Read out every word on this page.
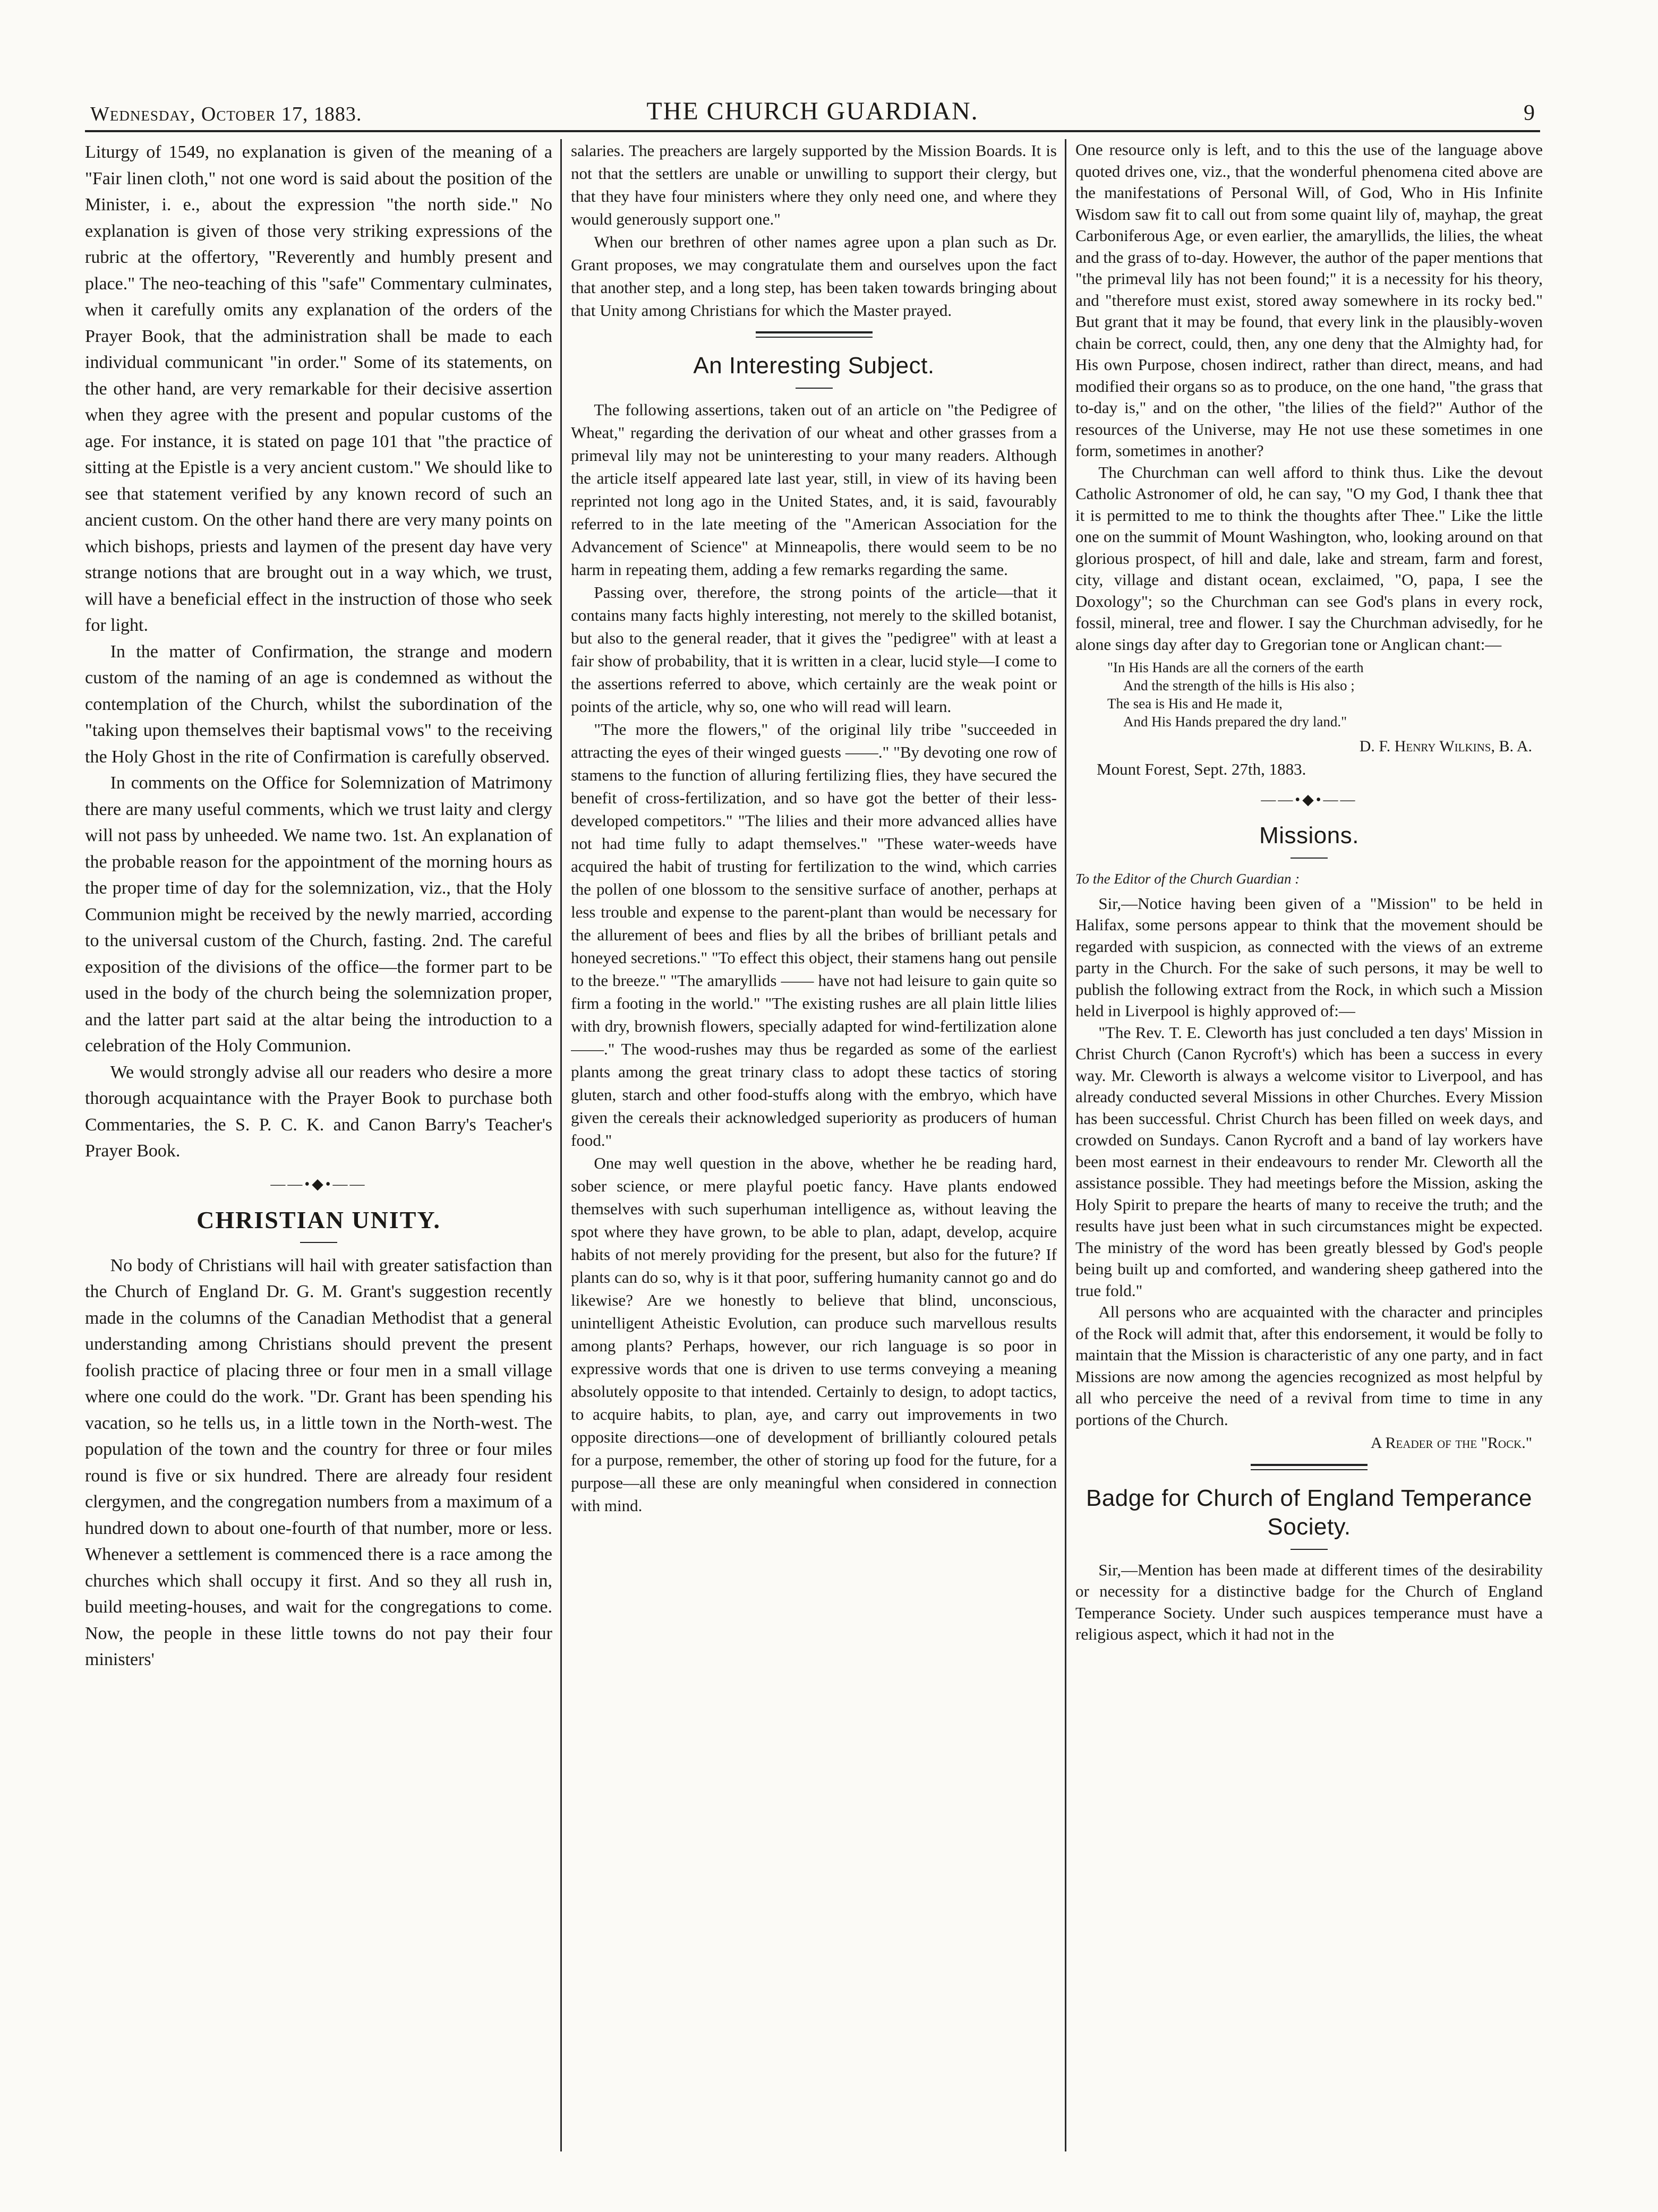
Wednesday, October 17, 1883.	THE CHURCH GUARDIAN.	9

Liturgy of 1549, no explanation is given of the meaning of a "Fair linen cloth," not one word is said about the position of the Minister, i. e., about the expression "the north side." No explanation is given of those very striking expressions of the rubric at the offertory, "Reverently and humbly present and place." The neo-teaching of this "safe" Commentary culminates, when it carefully omits any explanation of the orders of the Prayer Book, that the administration shall be made to each individual communicant "in order." Some of its statements, on the other hand, are very remarkable for their decisive assertion when they agree with the present and popular customs of the age. For instance, it is stated on page 101 that "the practice of sitting at the Epistle is a very ancient custom." We should like to see that statement verified by any known record of such an ancient custom. On the other hand there are very many points on which bishops, priests and laymen of the present day have very strange notions that are brought out in a way which, we trust, will have a beneficial effect in the instruction of those who seek for light.

In the matter of Confirmation, the strange and modern custom of the naming of an age is condemned as without the contemplation of the Church, whilst the subordination of the "taking upon themselves their baptismal vows" to the receiving the Holy Ghost in the rite of Confirmation is carefully observed.

In comments on the Office for Solemnization of Matrimony there are many useful comments, which we trust laity and clergy will not pass by unheeded. We name two. 1st. An explanation of the probable reason for the appointment of the morning hours as the proper time of day for the solemnization, viz., that the Holy Communion might be received by the newly married, according to the universal custom of the Church, fasting. 2nd. The careful exposition of the divisions of the office—the former part to be used in the body of the church being the solemnization proper, and the latter part said at the altar being the introduction to a celebration of the Holy Communion.

We would strongly advise all our readers who desire a more thorough acquaintance with the Prayer Book to purchase both Commentaries, the S. P. C. K. and Canon Barry's Teacher's Prayer Book.

——•◆•——
CHRISTIAN UNITY.

No body of Christians will hail with greater satisfaction than the Church of England Dr. G. M. Grant's suggestion recently made in the columns of the Canadian Methodist that a general understanding among Christians should prevent the present foolish practice of placing three or four men in a small village where one could do the work. "Dr. Grant has been spending his vacation, so he tells us, in a little town in the North-west. The population of the town and the country for three or four miles round is five or six hundred. There are already four resident clergymen, and the congregation numbers from a maximum of a hundred down to about one-fourth of that number, more or less. Whenever a settlement is commenced there is a race among the churches which shall occupy it first. And so they all rush in, build meeting-houses, and wait for the congregations to come. Now, the people in these little towns do not pay their four ministers'

salaries. The preachers are largely supported by the Mission Boards. It is not that the settlers are unable or unwilling to support their clergy, but that they have four ministers where they only need one, and where they would generously support one."

When our brethren of other names agree upon a plan such as Dr. Grant proposes, we may congratulate them and ourselves upon the fact that another step, and a long step, has been taken towards bringing about that Unity among Christians for which the Master prayed.

An Interesting Subject.

The following assertions, taken out of an article on "the Pedigree of Wheat," regarding the derivation of our wheat and other grasses from a primeval lily may not be uninteresting to your many readers. Although the article itself appeared late last year, still, in view of its having been reprinted not long ago in the United States, and, it is said, favourably referred to in the late meeting of the "American Association for the Advancement of Science" at Minneapolis, there would seem to be no harm in repeating them, adding a few remarks regarding the same.

Passing over, therefore, the strong points of the article—that it contains many facts highly interesting, not merely to the skilled botanist, but also to the general reader, that it gives the "pedigree" with at least a fair show of probability, that it is written in a clear, lucid style—I come to the assertions referred to above, which certainly are the weak point or points of the article, why so, one who will read will learn.

"The more the flowers," of the original lily tribe "succeeded in attracting the eyes of their winged guests ——." "By devoting one row of stamens to the function of alluring fertilizing flies, they have secured the benefit of cross-fertilization, and so have got the better of their less-developed competitors." "The lilies and their more advanced allies have not had time fully to adapt themselves." "These water-weeds have acquired the habit of trusting for fertilization to the wind, which carries the pollen of one blossom to the sensitive surface of another, perhaps at less trouble and expense to the parent-plant than would be necessary for the allurement of bees and flies by all the bribes of brilliant petals and honeyed secretions." "To effect this object, their stamens hang out pensile to the breeze." "The amaryllids —— have not had leisure to gain quite so firm a footing in the world." "The existing rushes are all plain little lilies with dry, brownish flowers, specially adapted for wind-fertilization alone ——." The wood-rushes may thus be regarded as some of the earliest plants among the great trinary class to adopt these tactics of storing gluten, starch and other food-stuffs along with the embryo, which have given the cereals their acknowledged superiority as producers of human food."

One may well question in the above, whether he be reading hard, sober science, or mere playful poetic fancy. Have plants endowed themselves with such superhuman intelligence as, without leaving the spot where they have grown, to be able to plan, adapt, develop, acquire habits of not merely providing for the present, but also for the future? If plants can do so, why is it that poor, suffering humanity cannot go and do likewise? Are we honestly to believe that blind, unconscious, unintelligent Atheistic Evolution, can produce such marvellous results among plants? Perhaps, however, our rich language is so poor in expressive words that one is driven to use terms conveying a meaning absolutely opposite to that intended. Certainly to design, to adopt tactics, to acquire habits, to plan, aye, and carry out improvements in two opposite directions—one of development of brilliantly coloured petals for a purpose, remember, the other of storing up food for the future, for a purpose—all these are only meaningful when considered in connection with mind.

One resource only is left, and to this the use of the language above quoted drives one, viz., that the wonderful phenomena cited above are the manifestations of Personal Will, of God, Who in His Infinite Wisdom saw fit to call out from some quaint lily of, mayhap, the great Carboniferous Age, or even earlier, the amaryllids, the lilies, the wheat and the grass of to-day. However, the author of the paper mentions that "the primeval lily has not been found;" it is a necessity for his theory, and "therefore must exist, stored away somewhere in its rocky bed." But grant that it may be found, that every link in the plausibly-woven chain be correct, could, then, any one deny that the Almighty had, for His own Purpose, chosen indirect, rather than direct, means, and had modified their organs so as to produce, on the one hand, "the grass that to-day is," and on the other, "the lilies of the field?" Author of the resources of the Universe, may He not use these sometimes in one form, sometimes in another?

The Churchman can well afford to think thus. Like the devout Catholic Astronomer of old, he can say, "O my God, I thank thee that it is permitted to me to think the thoughts after Thee." Like the little one on the summit of Mount Washington, who, looking around on that glorious prospect, of hill and dale, lake and stream, farm and forest, city, village and distant ocean, exclaimed, "O, papa, I see the Doxology"; so the Churchman can see God's plans in every rock, fossil, mineral, tree and flower. I say the Churchman advisedly, for he alone sings day after day to Gregorian tone or Anglican chant:—

"In His Hands are all the corners of the earth
And the strength of the hills is His also ;
The sea is His and He made it,
And His Hands prepared the dry land."
D. F. Henry Wilkins, B. A.
Mount Forest, Sept. 27th, 1883.
——•◆•——
Missions.
To the Editor of the Church Guardian :

Sir,—Notice having been given of a "Mission" to be held in Halifax, some persons appear to think that the movement should be regarded with suspicion, as connected with the views of an extreme party in the Church. For the sake of such persons, it may be well to publish the following extract from the Rock, in which such a Mission held in Liverpool is highly approved of:—

"The Rev. T. E. Cleworth has just concluded a ten days' Mission in Christ Church (Canon Rycroft's) which has been a success in every way. Mr. Cleworth is always a welcome visitor to Liverpool, and has already conducted several Missions in other Churches. Every Mission has been successful. Christ Church has been filled on week days, and crowded on Sundays. Canon Rycroft and a band of lay workers have been most earnest in their endeavours to render Mr. Cleworth all the assistance possible. They had meetings before the Mission, asking the Holy Spirit to prepare the hearts of many to receive the truth; and the results have just been what in such circumstances might be expected. The ministry of the word has been greatly blessed by God's people being built up and comforted, and wandering sheep gathered into the true fold."

All persons who are acquainted with the character and principles of the Rock will admit that, after this endorsement, it would be folly to maintain that the Mission is characteristic of any one party, and in fact Missions are now among the agencies recognized as most helpful by all who perceive the need of a revival from time to time in any portions of the Church.

A Reader of the "Rock."
Badge for Church of England Temperance Society.

Sir,—Mention has been made at different times of the desirability or necessity for a distinctive badge for the Church of England Temperance Society. Under such auspices temperance must have a religious aspect, which it had not in the
